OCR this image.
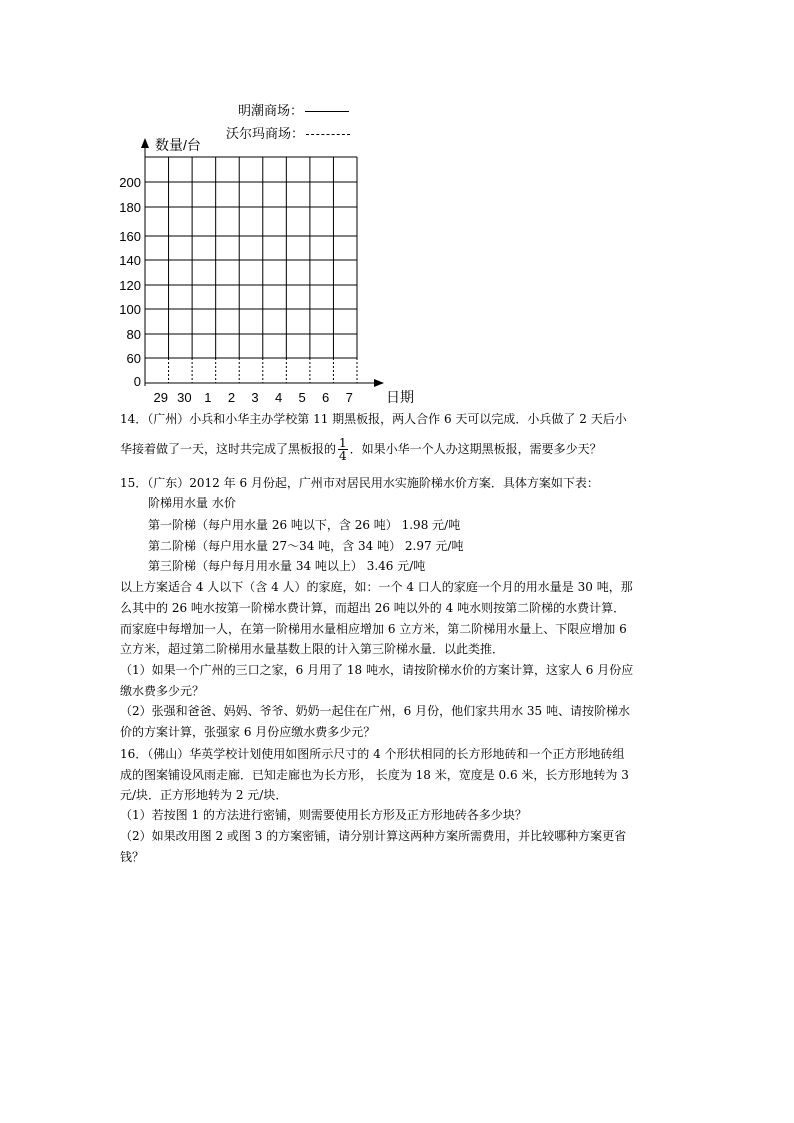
明潮商场：
沃尔玛商场：
数量/台
日期
0
60
80
100
120
140
160
180
200
29 30 1 2 3 4 5 6 7
14．（广州）小兵和小华主办学校第 11 期黑板报，两人合作 6 天可以完成．小兵做了 2 天后小
华接着做了一天，这时共完成了黑板报的 $\frac{1}{4}$ ．如果小华一个人办这期黑板报，需要多少天？
15．（广东）2012 年 6 月份起，广州市对居民用水实施阶梯水价方案．具体方案如下表：
阶梯用水量 水价
第一阶梯（每户用水量 26 吨以下，含 26 吨） 1.98 元/吨
第二阶梯（每户用水量 27～34 吨，含 34 吨） 2.97 元/吨
第三阶梯（每户每月用水量 34 吨以上） 3.46 元/吨
以上方案适合 4 人以下（含 4 人）的家庭，如：一个 4 口人的家庭一个月的用水量是 30 吨，那
么其中的 26 吨水按第一阶梯水费计算，而超出 26 吨以外的 4 吨水则按第二阶梯的水费计算．
而家庭中每增加一人，在第一阶梯用水量相应增加 6 立方米，第二阶梯用水量上、下限应增加 6
立方米，超过第二阶梯用水量基数上限的计入第三阶梯水量．以此类推．
（1）如果一个广州的三口之家，6 月用了 18 吨水，请按阶梯水价的方案计算，这家人 6 月份应
缴水费多少元？
（2）张强和爸爸、妈妈、爷爷、奶奶一起住在广州，6 月份，他们家共用水 35 吨、请按阶梯水
价的方案计算，张强家 6 月份应缴水费多少元？
16．（佛山）华英学校计划使用如图所示尺寸的 4 个形状相同的长方形地砖和一个正方形地砖组
成的图案铺设风雨走廊．已知走廊也为长方形， 长度为 18 米，宽度是 0.6 米，长方形地转为 3
元/块．正方形地转为 2 元/块．
（1）若按图 1 的方法进行密铺，则需要使用长方形及正方形地砖各多少块？
（2）如果改用图 2 或图 3 的方案密铺，请分别计算这两种方案所需费用，并比较哪种方案更省
钱？
